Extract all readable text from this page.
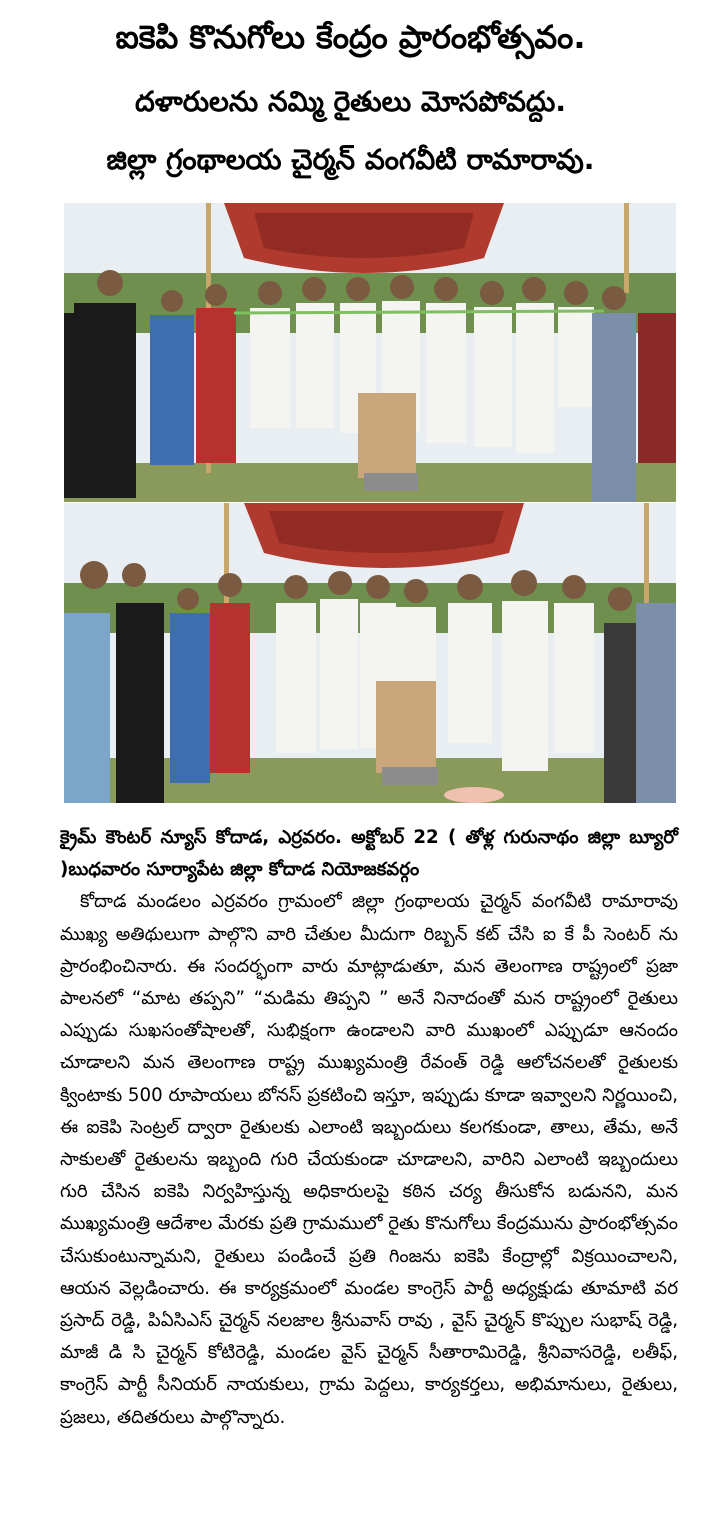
ఐకెపి కొనుగోలు కేంద్రం ప్రారంభోత్సవం.
దళారులను నమ్మి రైతులు మోసపోవద్దు.
జిల్లా గ్రంథాలయ చైర్మన్ వంగవీటి రామారావు.

క్రైమ్ కౌంటర్ న్యూస్ కోదాడ, ఎర్రవరం. అక్టోబర్ 22 ( తోళ్ల గురునాథం జిల్లా బ్యూరో )బుధవారం సూర్యాపేట జిల్లా కోదాడ నియోజకవర్గం

కోదాడ మండలం ఎర్రవరం గ్రామంలో జిల్లా గ్రంథాలయ చైర్మన్ వంగవీటి రామారావు ముఖ్య అతిథులుగా పాల్గొని వారి చేతుల మీదుగా రిబ్బన్ కట్ చేసి ఐ కే పీ సెంటర్ ను ప్రారంభించినారు. ఈ సందర్భంగా వారు మాట్లాడుతూ, మన తెలంగాణ రాష్ట్రంలో ప్రజా పాలనలో “మాట తప్పని” “మడిమ తిప్పని ” అనే నినాదంతో మన రాష్ట్రంలో రైతులు ఎప్పుడు సుఖసంతోషాలతో, సుభిక్షంగా ఉండాలని వారి ముఖంలో ఎప్పుడూ ఆనందం చూడాలని మన తెలంగాణ రాష్ట్ర ముఖ్యమంత్రి రేవంత్ రెడ్డి ఆలోచనలతో రైతులకు క్వింటాకు 500 రూపాయలు బోనస్ ప్రకటించి ఇస్తూ, ఇప్పుడు కూడా ఇవ్వాలని నిర్ణయించి, ఈ ఐకెపి సెంట్రల్ ద్వారా రైతులకు ఎలాంటి ఇబ్బందులు కలగకుండా, తాలు, తేమ, అనే సాకులతో రైతులను ఇబ్బంది గురి చేయకుండా చూడాలని, వారిని ఎలాంటి ఇబ్బందులు గురి చేసిన ఐకెపి నిర్వహిస్తున్న అధికారులపై కఠిన చర్య తీసుకోన బడునని, మన ముఖ్యమంత్రి ఆదేశాల మేరకు ప్రతి గ్రామములో రైతు కొనుగోలు కేంద్రమును ప్రారంభోత్సవం చేసుకుంటున్నామని, రైతులు పండించే ప్రతి గింజను ఐకెపి కేంద్రాల్లో విక్రయించాలని, ఆయన వెల్లడించారు. ఈ కార్యక్రమంలో మండల కాంగ్రెస్ పార్టీ అధ్యక్షుడు తూమాటి వర ప్రసాద్ రెడ్డి, పిఏసిఎస్ చైర్మన్ నలజాల శ్రీనువాస్ రావు , వైస్ చైర్మన్ కొప్పుల సుభాష్ రెడ్డి, మాజీ డి సి చైర్మన్ కోటిరెడ్డి, మండల వైస్ చైర్మన్ సీతారామిరెడ్డి, శ్రీనివాసరెడ్డి, లతీఫ్, కాంగ్రెస్ పార్టీ సీనియర్ నాయకులు, గ్రామ పెద్దలు, కార్యకర్తలు, అభిమానులు, రైతులు, ప్రజలు, తదితరులు పాల్గొన్నారు.
